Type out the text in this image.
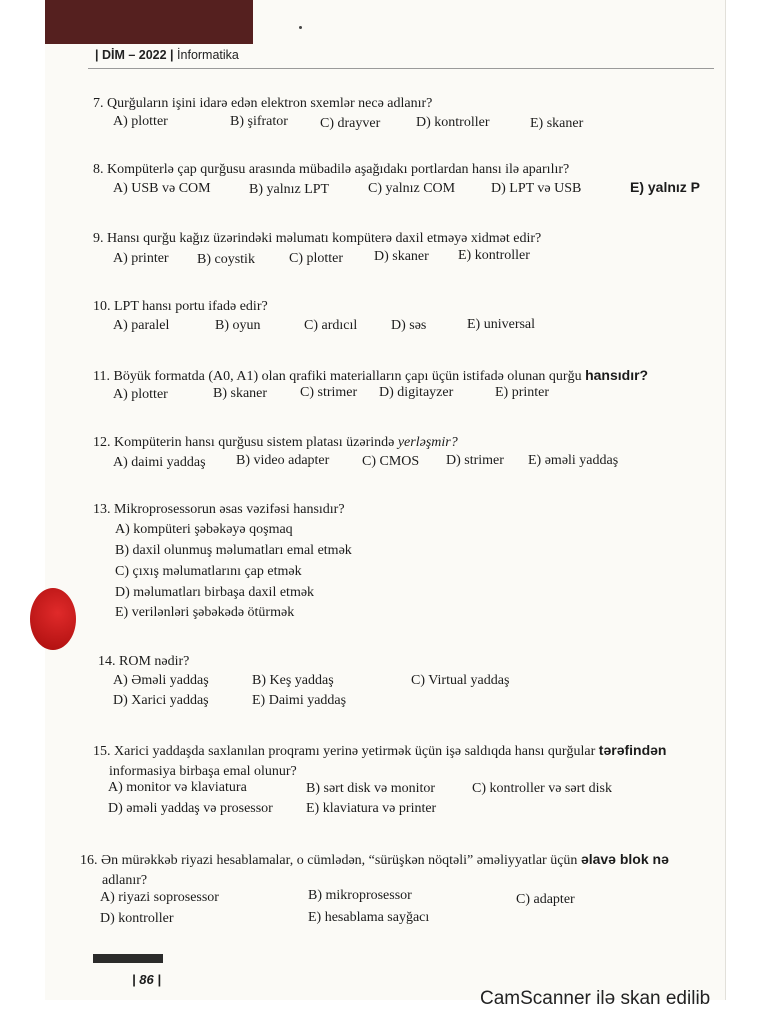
| DİM – 2022 | İnformatika
7. Qurğuların işini idarə edən elektron sxemlər necə adlanır?
A) plotter	B) şifrator C) drayver	D) kontroller	E) skaner
8. Kompüterlə çap qurğusu arasında mübadilə aşağıdakı portlardan hansı ilə aparılır?
A) USB və COM	B) yalnız LPT	C) yalnız COM	D) LPT və USB	E) yalnız P
9. Hansı qurğu kağız üzərindəki məlumatı kompüterə daxil etməyə xidmət edir?
A) printer B) coystik C) plotter D) skaner E) kontroller
10. LPT hansı portu ifadə edir?
A) paralel	B) oyun	C) ardıcıl D) səs	E) universal
11. Böyük formatda (A0, A1) olan qrafiki materialların çapı üçün istifadə olunan qurğu hansıdır?
A) plotter	B) skaner C) strimer D) digitayzer	E) printer
12. Kompüterin hansı qurğusu sistem platası üzərində yerləşmir?
A) daimi yaddaş B) video adapter C) CMOS D) strimer E) əməli yaddaş
13. Mikroprosessorun əsas vəzifəsi hansıdır?
A) kompüteri şəbəkəyə qoşmaq
B) daxil olunmuş məlumatları emal etmək
C) çıxış məlumatlarını çap etmək
D) məlumatları birbaşa daxil etmək
E) verilənləri şəbəkədə ötürmək
14. ROM nədir?
A) Əməli yaddaş	B) Keş yaddaş	C) Virtual yaddaş
D) Xarici yaddaş	E) Daimi yaddaş
15. Xarici yaddaşda saxlanılan proqramı yerinə yetirmək üçün işə saldıqda hansı qurğular tərəfindən
informasiya birbaşa emal olunur?
A) monitor və klaviatura	B) sərt disk və monitor	C) kontroller və sərt disk
D) əməli yaddaş və prosessor E) klaviatura və printer
16. Ən mürəkkəb riyazi hesablamalar, o cümlədən, “sürüşkən nöqtəli” əməliyyatlar üçün əlavə blok nə
adlanır?
A) riyazi soprosessor	B) mikroprosessor	C) adapter
D) kontroller	E) hesablama sayğacı
| 86 |
CamScanner ilə skan edilib
